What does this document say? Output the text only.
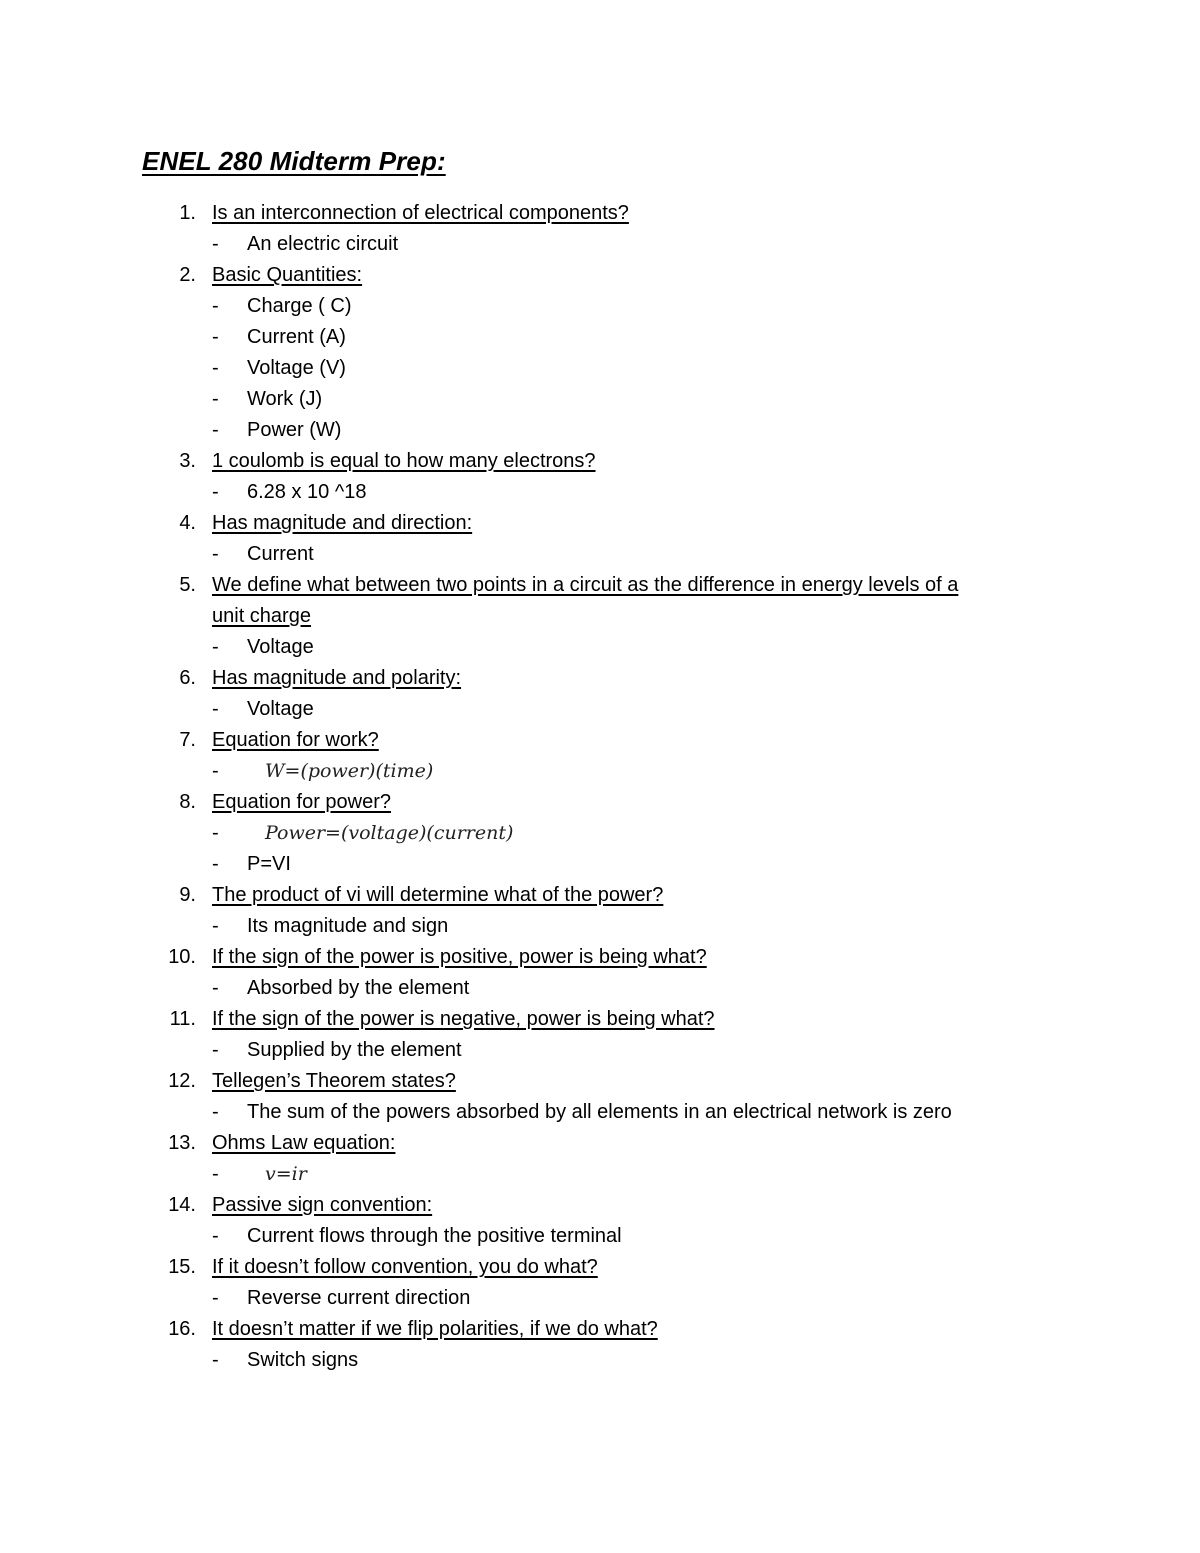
ENEL 280 Midterm Prep:
1. Is an interconnection of electrical components?
- An electric circuit
2. Basic Quantities:
- Charge ( C)
- Current (A)
- Voltage (V)
- Work (J)
- Power (W)
3. 1 coulomb is equal to how many electrons?
- 6.28 x 10 ^18
4. Has magnitude and direction:
- Current
5. We define what between two points in a circuit as the difference in energy levels of a
unit charge
- Voltage
6. Has magnitude and polarity:
- Voltage
7. Equation for work?
- W=(power)(time)
8. Equation for power?
- Power=(voltage)(current)
- P=VI
9. The product of vi will determine what of the power?
- Its magnitude and sign
10. If the sign of the power is positive, power is being what?
- Absorbed by the element
11. If the sign of the power is negative, power is being what?
- Supplied by the element
12. Tellegen’s Theorem states?
- The sum of the powers absorbed by all elements in an electrical network is zero
13. Ohms Law equation:
- v=ir
14. Passive sign convention:
- Current flows through the positive terminal
15. If it doesn’t follow convention, you do what?
- Reverse current direction
16. It doesn’t matter if we flip polarities, if we do what?
- Switch signs
